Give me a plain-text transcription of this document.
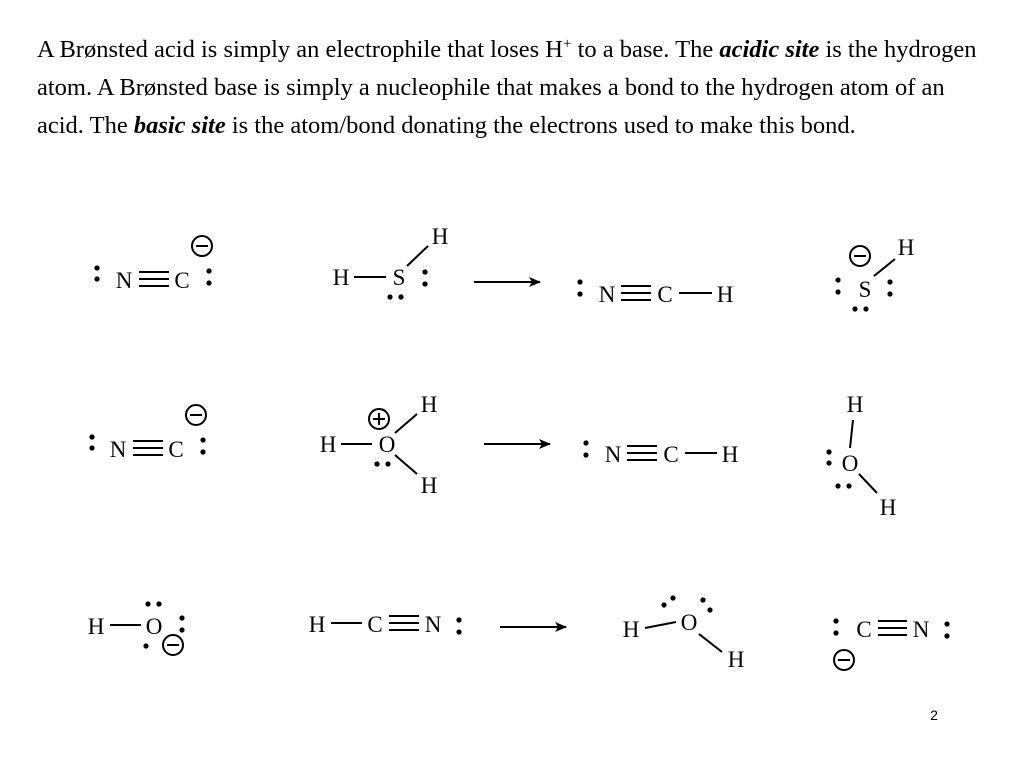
A Brønsted acid is simply an electrophile that loses H+ to a base. The acidic site is the hydrogen atom. A Brønsted base is simply a nucleophile that makes a bond to the hydrogen atom of an acid. The basic site is the atom/bond donating the electrons used to make this bond.

N C	H S
H
N C H
H
S
N C	H O
H
H
N C H
H
O
H
H O	H C N	H O
H
C N
2
